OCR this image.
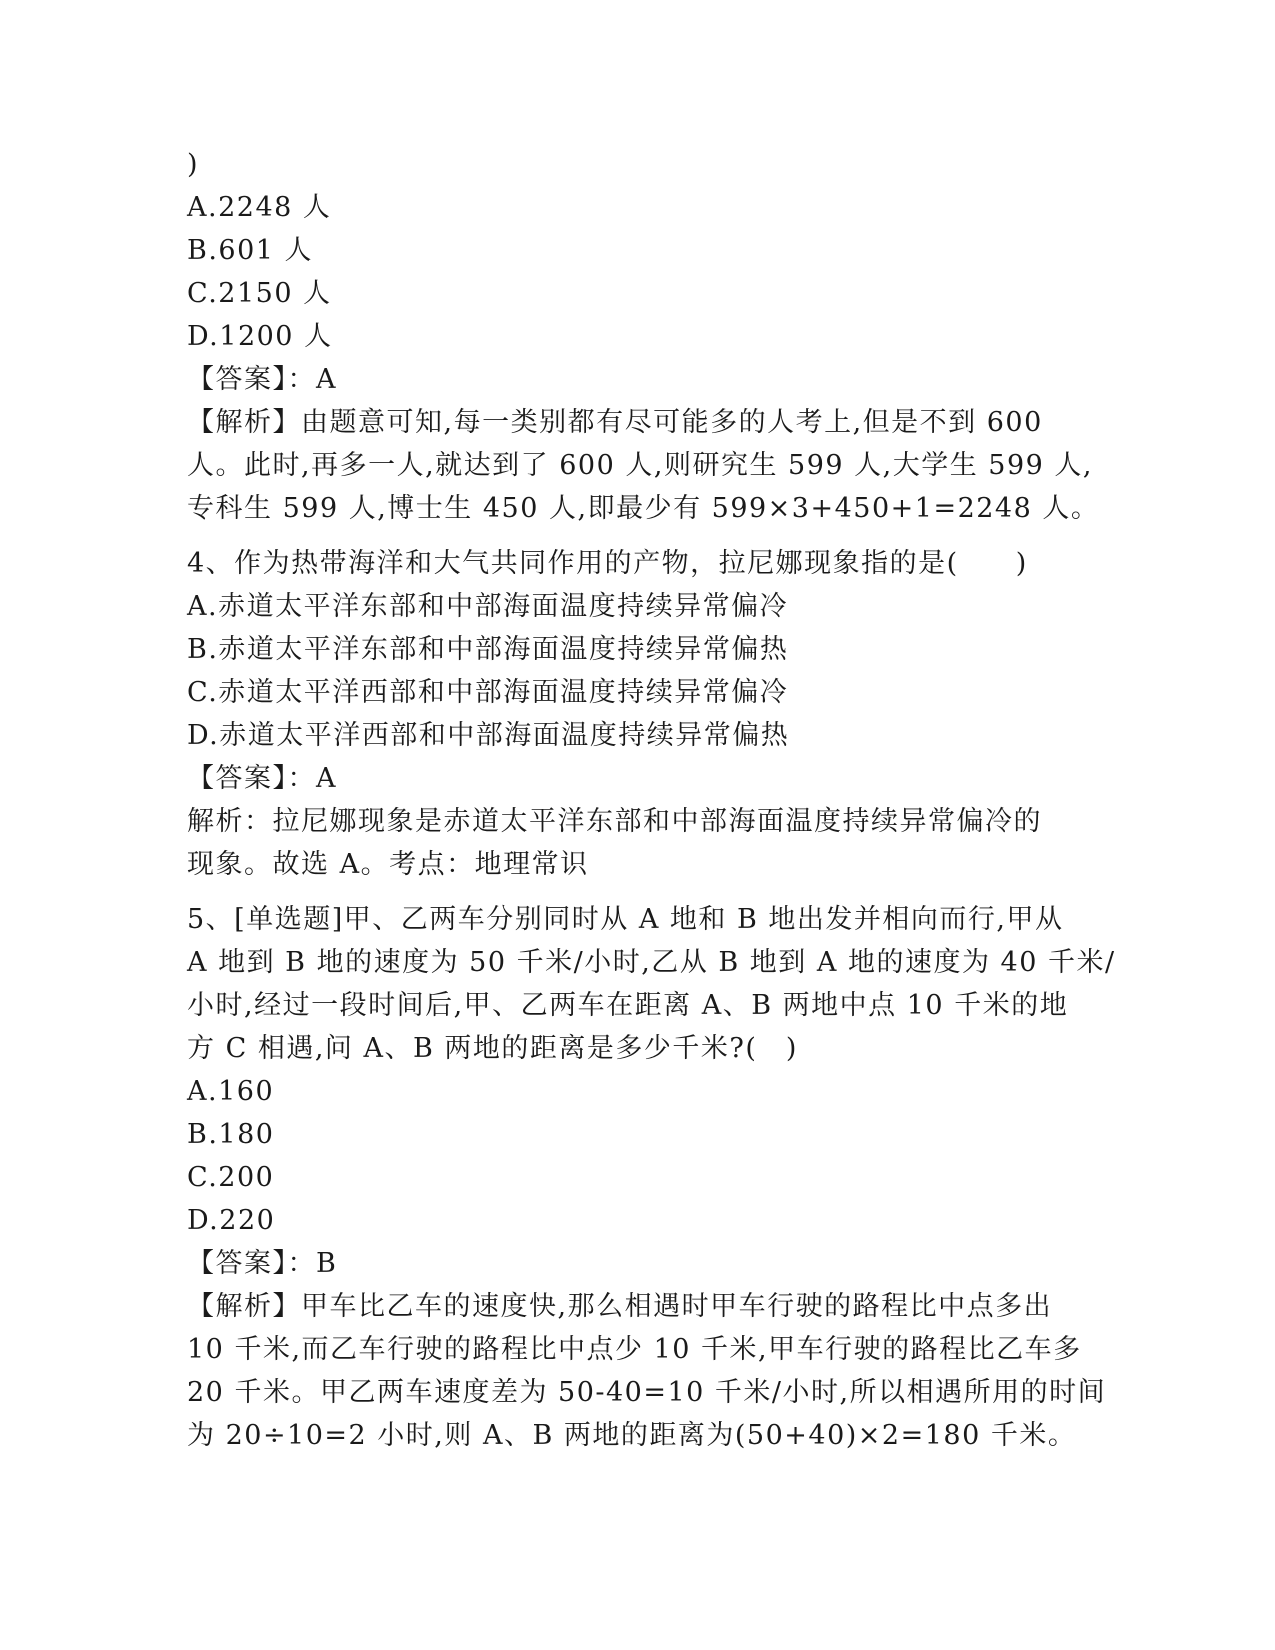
)
A.2248 人
B.601 人
C.2150 人
D.1200 人
【答案】：A
【解析】由题意可知,每一类别都有尽可能多的人考上,但是不到 600
人。此时,再多一人,就达到了 600 人,则研究生 599 人,大学生 599 人,
专科生 599 人,博士生 450 人,即最少有 599×3+450+1=2248 人。
4、作为热带海洋和大气共同作用的产物，拉尼娜现象指的是(　　)
A.赤道太平洋东部和中部海面温度持续异常偏冷
B.赤道太平洋东部和中部海面温度持续异常偏热
C.赤道太平洋西部和中部海面温度持续异常偏冷
D.赤道太平洋西部和中部海面温度持续异常偏热
【答案】：A
解析：拉尼娜现象是赤道太平洋东部和中部海面温度持续异常偏冷的
现象。故选 A。考点：地理常识
5、[单选题]甲、乙两车分别同时从 A 地和 B 地出发并相向而行,甲从
A 地到 B 地的速度为 50 千米/小时,乙从 B 地到 A 地的速度为 40 千米/
小时,经过一段时间后,甲、乙两车在距离 A、B 两地中点 10 千米的地
方 C 相遇,问 A、B 两地的距离是多少千米?(　)
A.160
B.180
C.200
D.220
【答案】：B
【解析】甲车比乙车的速度快,那么相遇时甲车行驶的路程比中点多出
10 千米,而乙车行驶的路程比中点少 10 千米,甲车行驶的路程比乙车多
20 千米。甲乙两车速度差为 50-40=10 千米/小时,所以相遇所用的时间
为 20÷10=2 小时,则 A、B 两地的距离为(50+40)×2=180 千米。
